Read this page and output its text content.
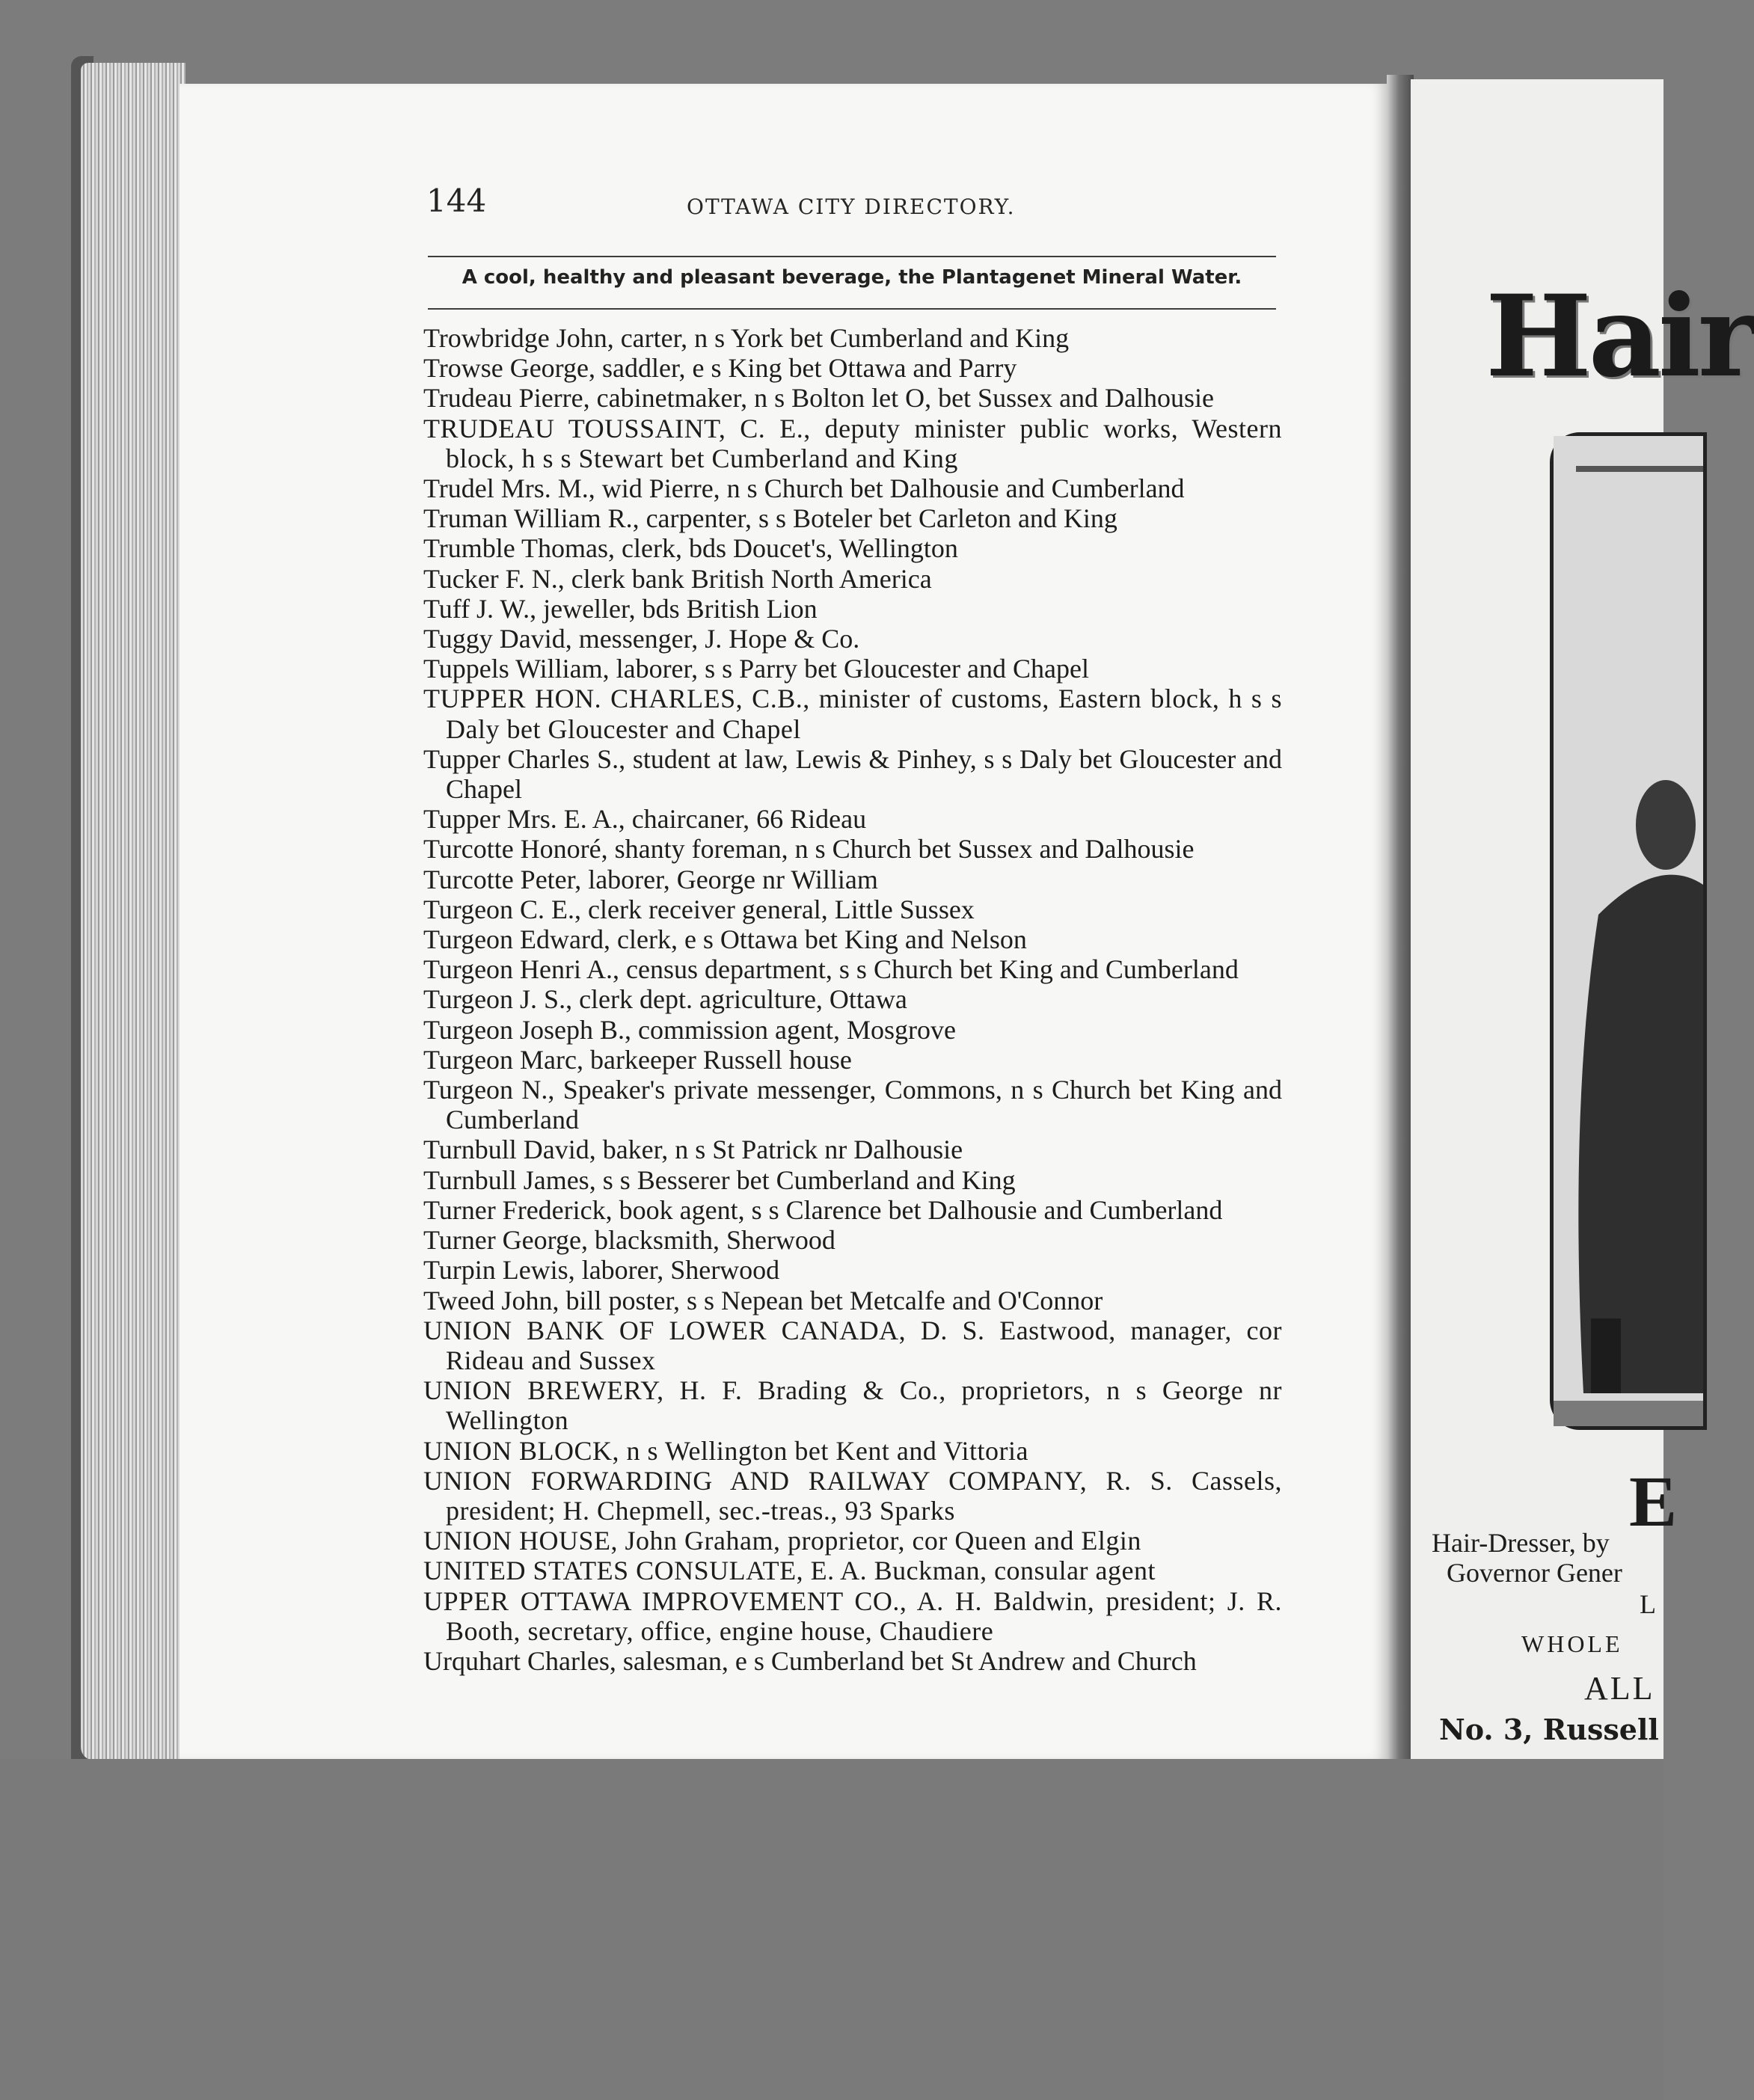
144	OTTAWA CITY DIRECTORY.
A cool, healthy and pleasant beverage, the Plantagenet Mineral Water.

Trowbridge John, carter, n s York bet Cumberland and King

Trowse George, saddler, e s King bet Ottawa and Parry

Trudeau Pierre, cabinetmaker, n s Bolton let O, bet Sussex and Dalhousie

TRUDEAU TOUSSAINT, C. E., deputy minister public works, Western block, h s s Stewart bet Cumberland and King

Trudel Mrs. M., wid Pierre, n s Church bet Dalhousie and Cumberland

Truman William R., carpenter, s s Boteler bet Carleton and King

Trumble Thomas, clerk, bds Doucet's, Wellington

Tucker F. N., clerk bank British North America

Tuff J. W., jeweller, bds British Lion

Tuggy David, messenger, J. Hope & Co.

Tuppels William, laborer, s s Parry bet Gloucester and Chapel

TUPPER HON. CHARLES, C.B., minister of customs, Eastern block, h s s Daly bet Gloucester and Chapel

Tupper Charles S., student at law, Lewis & Pinhey, s s Daly bet Gloucester and Chapel

Tupper Mrs. E. A., chaircaner, 66 Rideau

Turcotte Honoré, shanty foreman, n s Church bet Sussex and Dalhousie

Turcotte Peter, laborer, George nr William

Turgeon C. E., clerk receiver general, Little Sussex

Turgeon Edward, clerk, e s Ottawa bet King and Nelson

Turgeon Henri A., census department, s s Church bet King and Cumberland

Turgeon J. S., clerk dept. agriculture, Ottawa

Turgeon Joseph B., commission agent, Mosgrove

Turgeon Marc, barkeeper Russell house

Turgeon N., Speaker's private messenger, Commons, n s Church bet King and Cumberland

Turnbull David, baker, n s St Patrick nr Dalhousie

Turnbull James, s s Besserer bet Cumberland and King

Turner Frederick, book agent, s s Clarence bet Dalhousie and Cumberland

Turner George, blacksmith, Sherwood

Turpin Lewis, laborer, Sherwood

Tweed John, bill poster, s s Nepean bet Metcalfe and O'Connor

UNION BANK OF LOWER CANADA, D. S. Eastwood, manager, cor Rideau and Sussex

UNION BREWERY, H. F. Brading & Co., proprietors, n s George nr Wellington

UNION BLOCK, n s Wellington bet Kent and Vittoria

UNION FORWARDING AND RAILWAY COMPANY, R. S. Cassels, president; H. Chepmell, sec.-treas., 93 Sparks

UNION HOUSE, John Graham, proprietor, cor Queen and Elgin

UNITED STATES CONSULATE, E. A. Buckman, consular agent

UPPER OTTAWA IMPROVEMENT CO., A. H. Baldwin, president; J. R. Booth, secretary, office, engine house, Chaudiere

Urquhart Charles, salesman, e s Cumberland bet St Andrew and Church

Hair
E
Hair-Dresser, by
Governor Gener
L
WHOLE
ALL
No. 3, Russell
